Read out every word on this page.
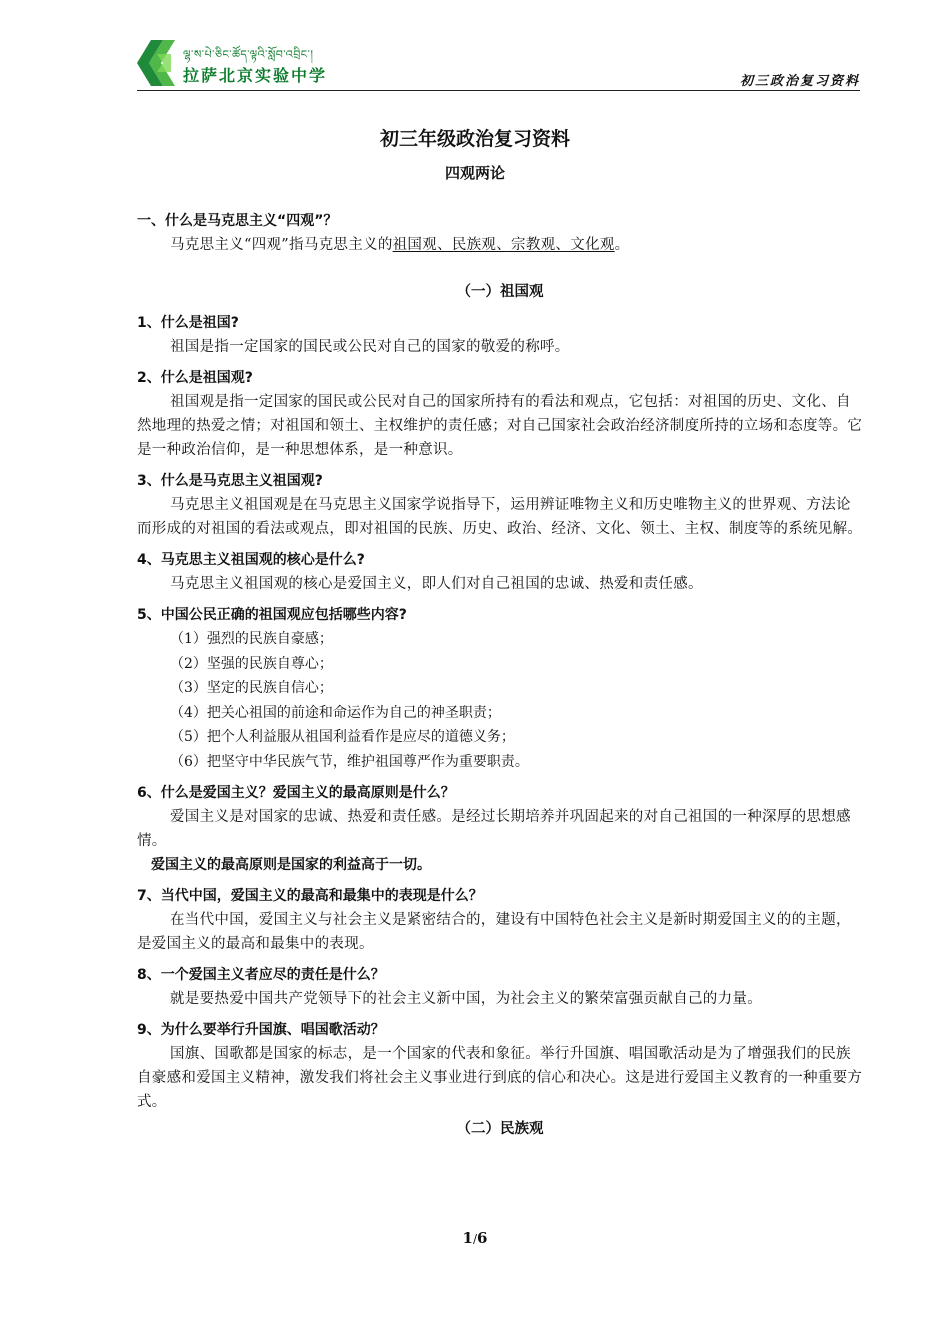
ལྷ་ས་པེ་ཅིང་ཚོད་ལྟའི་སློབ་འབྲིང་།
拉萨北京实验中学	初三政治复习资料
初三年级政治复习资料
四观两论

一、什么是马克思主义“四观”？

马克思主义“四观”指马克思主义的祖国观、民族观、宗教观、文化观。

（一）祖国观

1、什么是祖国?

祖国是指一定国家的国民或公民对自己的国家的敬爱的称呼。

2、什么是祖国观?

祖国观是指一定国家的国民或公民对自己的国家所持有的看法和观点，它包括：对祖国的历史、文化、自然地理的热爱之情；对祖国和领土、主权维护的责任感；对自己国家社会政治经济制度所持的立场和态度等。它是一种政治信仰，是一种思想体系，是一种意识。

3、什么是马克思主义祖国观?

马克思主义祖国观是在马克思主义国家学说指导下，运用辨证唯物主义和历史唯物主义的世界观、方法论而形成的对祖国的看法或观点，即对祖国的民族、历史、政治、经济、文化、领土、主权、制度等的系统见解。

4、马克思主义祖国观的核心是什么?

马克思主义祖国观的核心是爱国主义，即人们对自己祖国的忠诚、热爱和责任感。

5、中国公民正确的祖国观应包括哪些内容?

（1）强烈的民族自豪感；

（2）坚强的民族自尊心；

（3）坚定的民族自信心；

（4）把关心祖国的前途和命运作为自己的神圣职责；

（5）把个人利益服从祖国利益看作是应尽的道德义务；

（6）把坚守中华民族气节，维护祖国尊严作为重要职责。

6、什么是爱国主义？爱国主义的最高原则是什么？

爱国主义是对国家的忠诚、热爱和责任感。是经过长期培养并巩固起来的对自己祖国的一种深厚的思想感情。

爱国主义的最高原则是国家的利益高于一切。

7、当代中国，爱国主义的最高和最集中的表现是什么？

在当代中国，爱国主义与社会主义是紧密结合的，建设有中国特色社会主义是新时期爱国主义的的主题，是爱国主义的最高和最集中的表现。

8、一个爱国主义者应尽的责任是什么？

就是要热爱中国共产党领导下的社会主义新中国，为社会主义的繁荣富强贡献自己的力量。

9、为什么要举行升国旗、唱国歌活动？

国旗、国歌都是国家的标志，是一个国家的代表和象征。举行升国旗、唱国歌活动是为了增强我们的民族自豪感和爱国主义精神，激发我们将社会主义事业进行到底的信心和决心。这是进行爱国主义教育的一种重要方式。

（二）民族观

1/6
